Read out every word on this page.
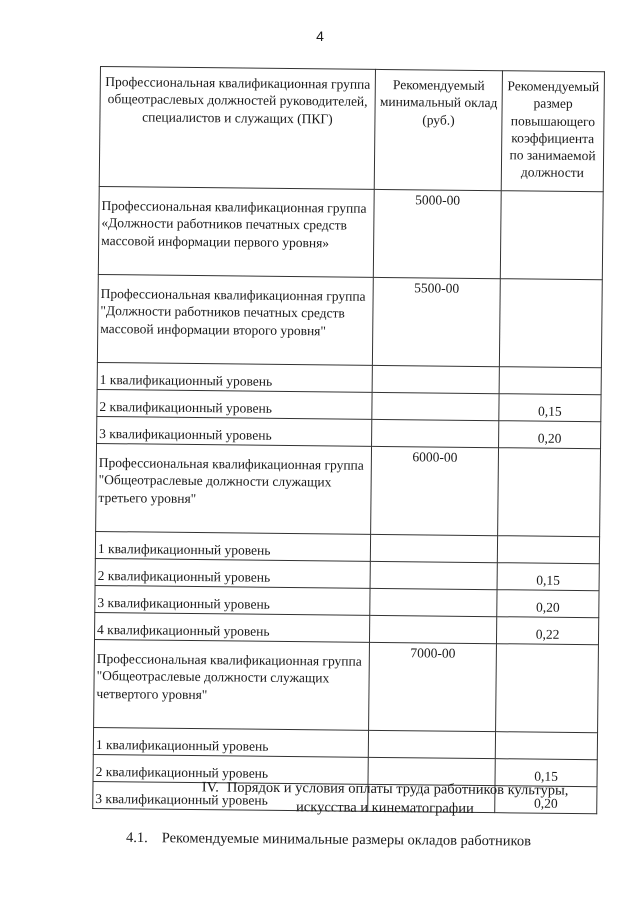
4
Профессиональная квалификационная группа общеотраслевых должностей руководителей, специалистов и служащих (ПКГ)	Рекомендуемый минимальный оклад (руб.)	Рекомендуемый размер повышающего коэффициента по занимаемой должности
Профессиональная квалификационная группа «Должности работников печатных средств массовой информации первого уровня»	5000-00	
Профессиональная квалификационная группа "Должности работников печатных средств массовой информации второго уровня"	5500-00	
1 квалификационный уровень		
2 квалификационный уровень		0,15
3 квалификационный уровень		0,20
Профессиональная квалификационная группа "Общеотраслевые должности служащих третьего уровня"	6000-00	
1 квалификационный уровень		
2 квалификационный уровень		0,15
3 квалификационный уровень		0,20
4 квалификационный уровень		0,22
Профессиональная квалификационная группа "Общеотраслевые должности служащих четвертого уровня"	7000-00	
1 квалификационный уровень		
2 квалификационный уровень		0,15
3 квалификационный уровень		0,20
IV. Порядок и условия оплаты труда работников культуры, искусства и кинематографии
4.1. Рекомендуемые минимальные размеры окладов работников
